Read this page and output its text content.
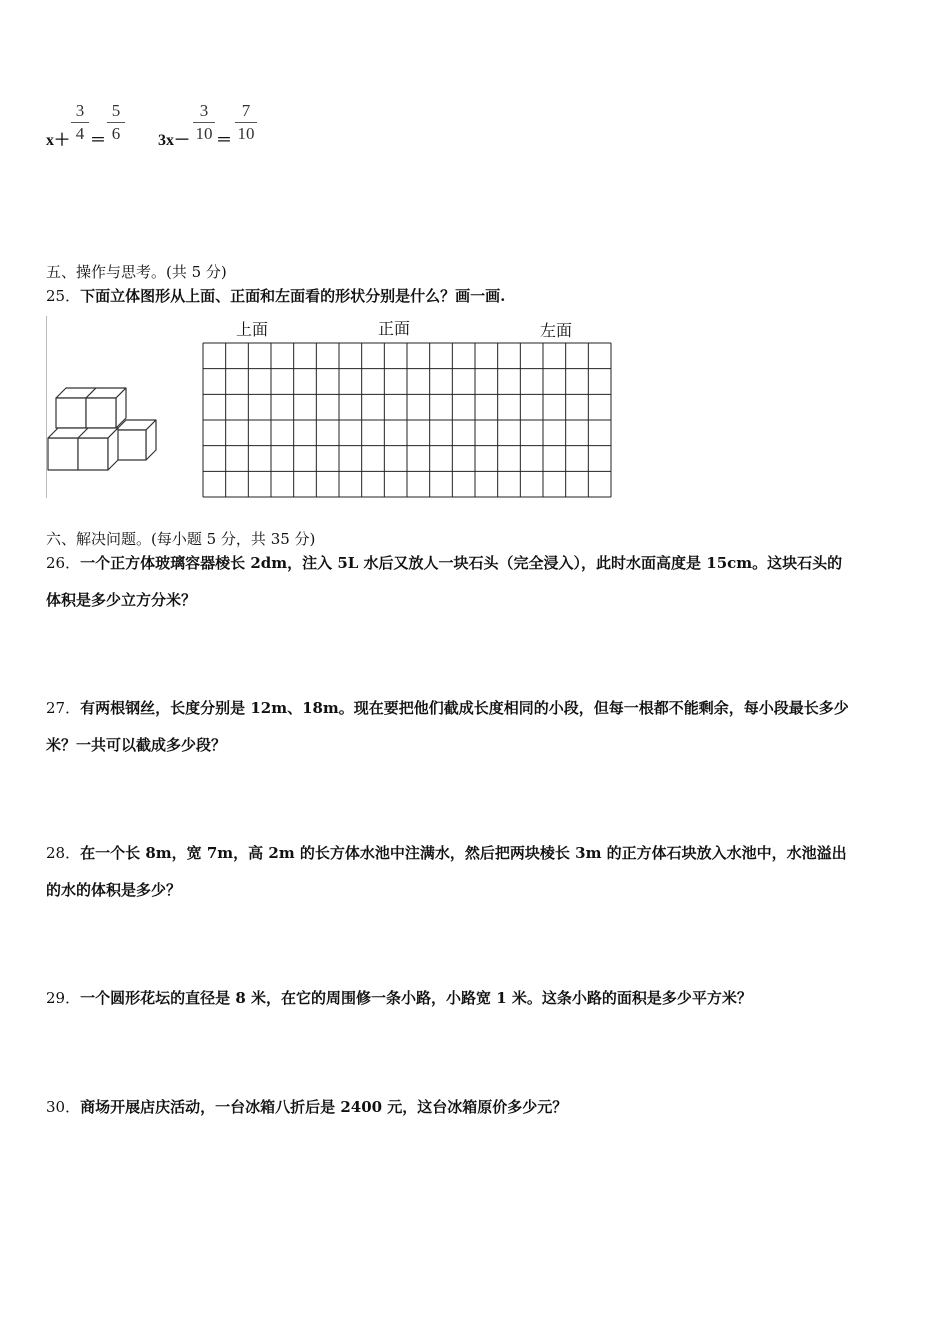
x＋
3
4 ＝
5
6	3x－
3
10 ＝
7
10
五、操作与思考。(共 5 分)
25．下面立体图形从上面、正面和左面看的形状分别是什么？画一画.
上面	正面	左面
六、解决问题。(每小题 5 分，共 35 分)
26．一个正方体玻璃容器棱长 2dm，注入 5L 水后又放人一块石头（完全浸入），此时水面高度是 15cm。这块石头的
体积是多少立方分米？
27．有两根钢丝，长度分别是 12m、18m。现在要把他们截成长度相同的小段，但每一根都不能剩余，每小段最长多少
米？一共可以截成多少段？
28．在一个长 8m，宽 7m，高 2m 的长方体水池中注满水，然后把两块棱长 3m 的正方体石块放入水池中，水池溢出
的水的体积是多少？
29．一个圆形花坛的直径是 8 米，在它的周围修一条小路，小路宽 1 米。这条小路的面积是多少平方米？
30．商场开展店庆活动，一台冰箱八折后是 2400 元，这台冰箱原价多少元？
